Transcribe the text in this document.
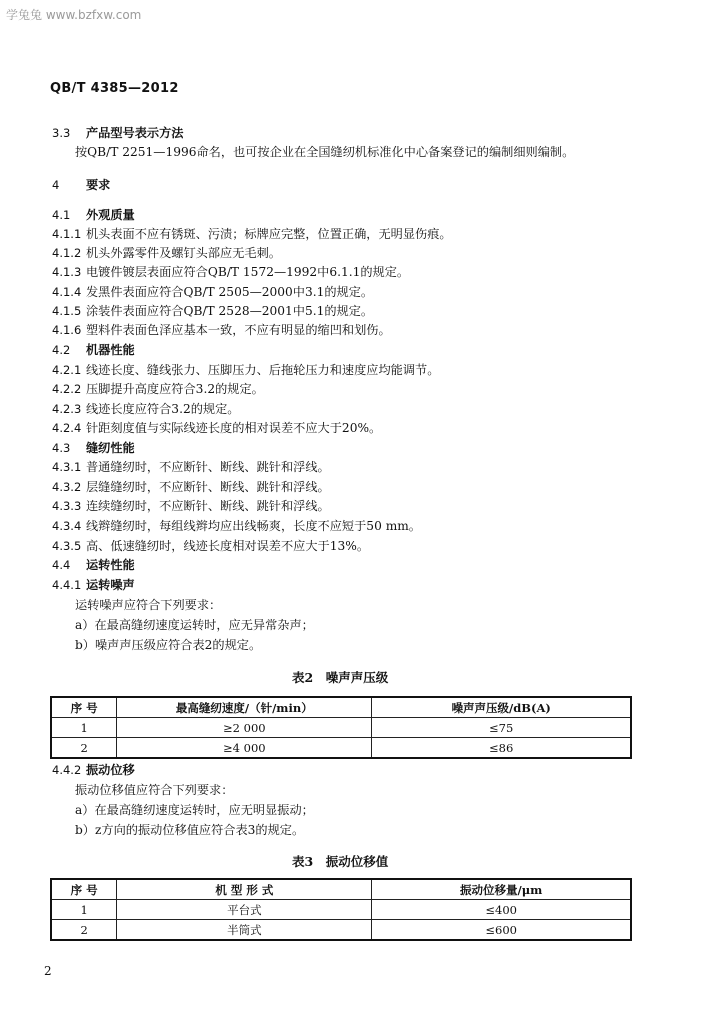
学兔兔 www.bzfxw.com
QB/T 4385—2012
3.3 产品型号表示方法
按QB/T 2251—1996命名，也可按企业在全国缝纫机标准化中心备案登记的编制细则编制。
4 要求
4.1 外观质量
4.1.1 机头表面不应有锈斑、污渍；标牌应完整，位置正确，无明显伤痕。
4.1.2 机头外露零件及螺钉头部应无毛刺。
4.1.3 电镀件镀层表面应符合QB/T 1572—1992中6.1.1的规定。
4.1.4 发黑件表面应符合QB/T 2505—2000中3.1的规定。
4.1.5 涂装件表面应符合QB/T 2528—2001中5.1的规定。
4.1.6 塑料件表面色泽应基本一致，不应有明显的缩凹和划伤。
4.2 机器性能
4.2.1 线迹长度、缝线张力、压脚压力、后拖轮压力和速度应均能调节。
4.2.2 压脚提升高度应符合3.2的规定。
4.2.3 线迹长度应符合3.2的规定。
4.2.4 针距刻度值与实际线迹长度的相对误差不应大于20%。
4.3 缝纫性能
4.3.1 普通缝纫时，不应断针、断线、跳针和浮线。
4.3.2 层缝缝纫时，不应断针、断线、跳针和浮线。
4.3.3 连续缝纫时，不应断针、断线、跳针和浮线。
4.3.4 线辫缝纫时，每组线辫均应出线畅爽，长度不应短于50 mm。
4.3.5 高、低速缝纫时，线迹长度相对误差不应大于13%。
4.4 运转性能
4.4.1 运转噪声
运转噪声应符合下列要求：
a）在最高缝纫速度运转时，应无异常杂声；
b）噪声声压级应符合表2的规定。
表2　噪声声压级
序 号	最高缝纫速度/（针/min）	噪声声压级/dB(A)
1	≥2 000	≤75
2	≥4 000	≤86
4.4.2 振动位移
振动位移值应符合下列要求：
a）在最高缝纫速度运转时，应无明显振动；
b）z方向的振动位移值应符合表3的规定。
表3　振动位移值
序 号	机 型 形 式	振动位移量/μm
1	平台式	≤400
2	半筒式	≤600
2
